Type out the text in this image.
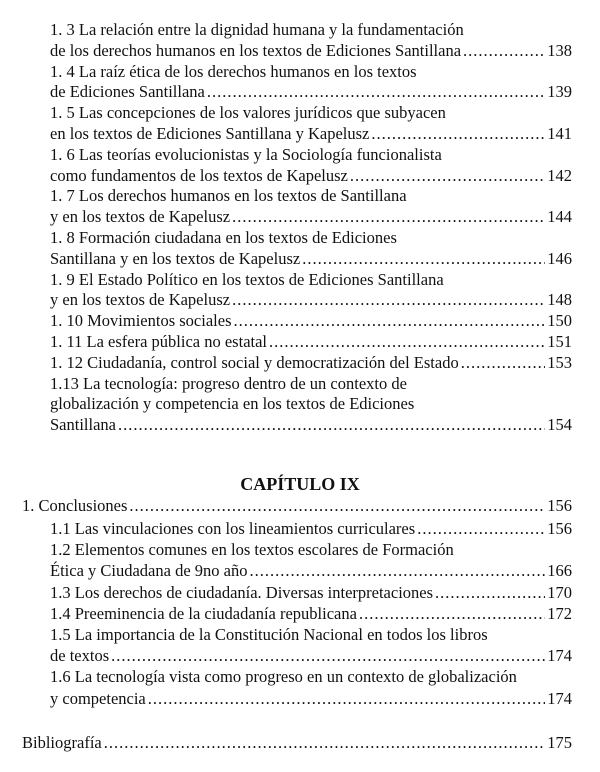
CAPÍTULO IX
1. Conclusiones .....	156
Bibliografía .....	175
1. 3 La relación entre la dignidad humana y la fundamentación
de los derechos humanos en los textos de Ediciones Santillana .....	138
1. 4 La raíz ética de los derechos humanos en los textos
de Ediciones Santillana .....	139
1. 5 Las concepciones de los valores jurídicos que subyacen
en los textos de Ediciones Santillana y Kapelusz .....	141
1. 6 Las teorías evolucionistas y la Sociología funcionalista
como fundamentos de los textos de Kapelusz .....	142
1. 7 Los derechos humanos en los textos de Santillana
y en los textos de Kapelusz .....	144
1. 8 Formación ciudadana en los textos de Ediciones
Santillana y en los textos de Kapelusz .....	146
1. 9 El Estado Político en los textos de Ediciones Santillana
y en los textos de Kapelusz .....	148
1. 10 Movimientos sociales .....	150
1. 11 La esfera pública no estatal .....	151
1. 12 Ciudadanía, control social y democratización del Estado .....	153
1.13 La tecnología: progreso dentro de un contexto de
globalización y competencia en los textos de Ediciones
Santillana .....	154
1.1 Las vinculaciones con los lineamientos curriculares .....	156
1.2 Elementos comunes en los textos escolares de Formación
Ética y Ciudadana de 9no año .....	166
1.3 Los derechos de ciudadanía. Diversas interpretaciones .....	170
1.4 Preeminencia de la ciudadanía republicana .....	172
1.5 La importancia de la Constitución Nacional en todos los libros
de textos .....	174
1.6 La tecnología vista como progreso en un contexto de globalización
y competencia .....	174
